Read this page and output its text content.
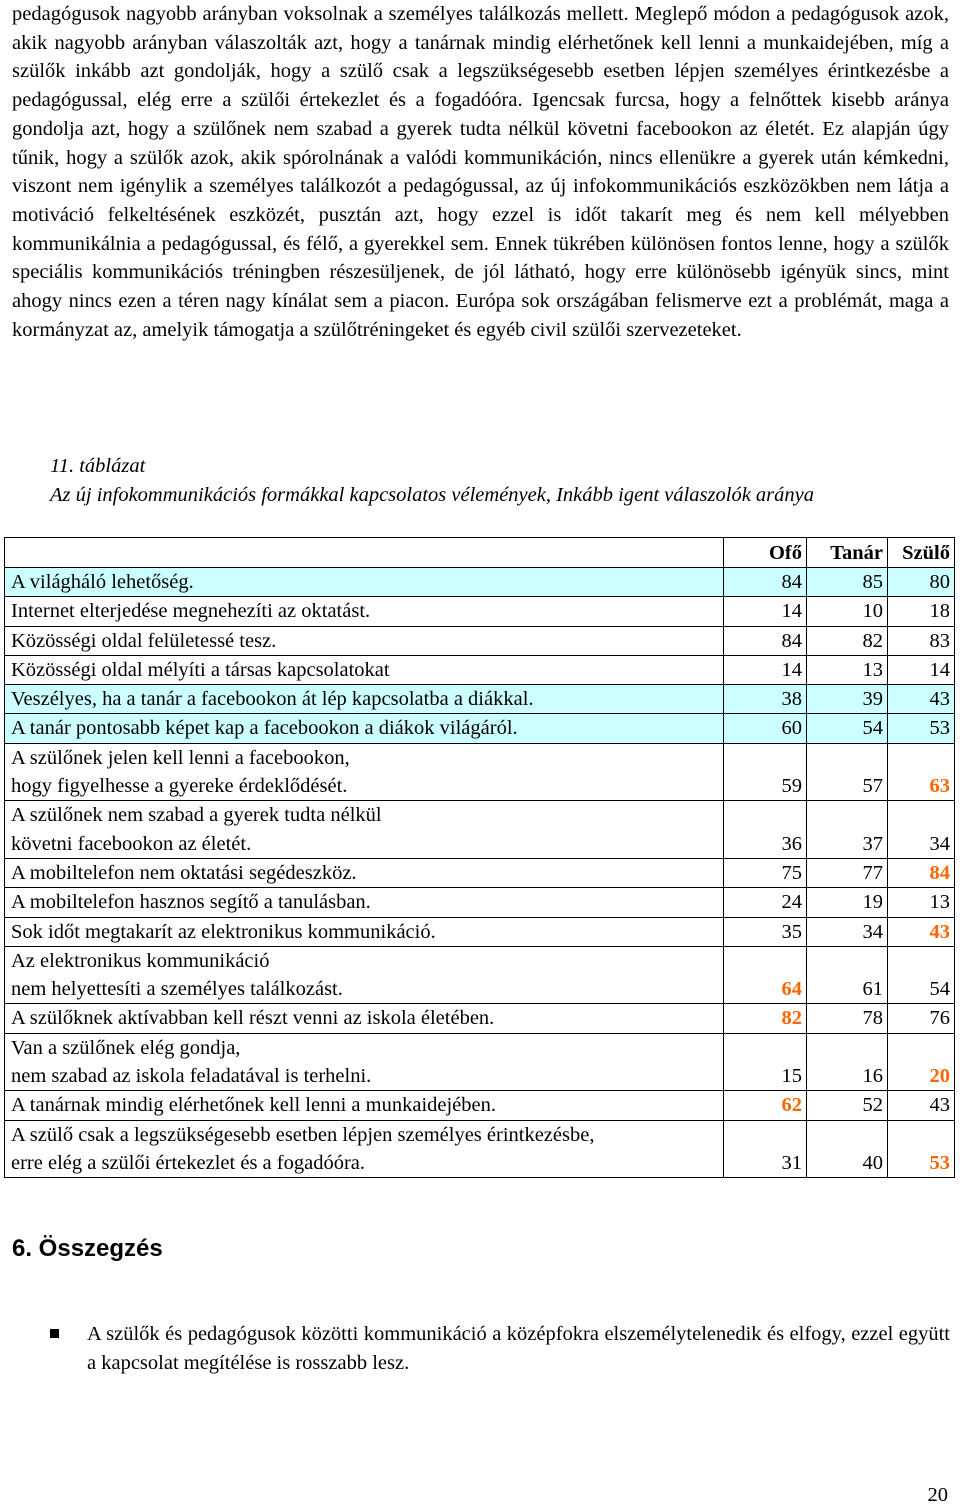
pedagógusok nagyobb arányban voksolnak a személyes találkozás mellett. Meglepő módon a pedagógusok azok, akik nagyobb arányban válaszolták azt, hogy a tanárnak mindig elérhetőnek kell lenni a munkaidejében, míg a szülők inkább azt gondolják, hogy a szülő csak a legszükségesebb esetben lépjen személyes érintkezésbe a pedagógussal, elég erre a szülői értekezlet és a fogadóóra. Igencsak furcsa, hogy a felnőttek kisebb aránya gondolja azt, hogy a szülőnek nem szabad a gyerek tudta nélkül követni facebookon az életét. Ez alapján úgy tűnik, hogy a szülők azok, akik spórolnának a valódi kommunikáción, nincs ellenükre a gyerek után kémkedni, viszont nem igénylik a személyes találkozót a pedagógussal, az új infokommunikációs eszközökben nem látja a motiváció felkeltésének eszközét, pusztán azt, hogy ezzel is időt takarít meg és nem kell mélyebben kommunikálnia a pedagógussal, és félő, a gyerekkel sem. Ennek tükrében különösen fontos lenne, hogy a szülők speciális kommunikációs tréningben részesüljenek, de jól látható, hogy erre különösebb igényük sincs, mint ahogy nincs ezen a téren nagy kínálat sem a piacon. Európa sok országában felismerve ezt a problémát, maga a kormányzat az, amelyik támogatja a szülőtréningeket és egyéb civil szülői szervezeteket.

11. táblázat
Az új infokommunikációs formákkal kapcsolatos vélemények, Inkább igent válaszolók aránya
	Ofő	Tanár	Szülő

A világháló lehetőség.	84	85	80

Internet elterjedése megnehezíti az oktatást.	14	10	18

Közösségi oldal felületessé tesz.	84	82	83

Közösségi oldal mélyíti a társas kapcsolatokat	14	13	14

Veszélyes, ha a tanár a facebookon át lép kapcsolatba a diákkal.	38	39	43

A tanár pontosabb képet kap a facebookon a diákok világáról.	60	54	53

A szülőnek jelen kell lenni a facebookon,
hogy figyelhesse a gyereke érdeklődését.	59	57	63

A szülőnek nem szabad a gyerek tudta nélkül
követni facebookon az életét.	36	37	34

A mobiltelefon nem oktatási segédeszköz.	75	77	84

A mobiltelefon hasznos segítő a tanulásban.	24	19	13

Sok időt megtakarít az elektronikus kommunikáció.	35	34	43

Az elektronikus kommunikáció
nem helyettesíti a személyes találkozást.	64	61	54

A szülőknek aktívabban kell részt venni az iskola életében.	82	78	76

Van a szülőnek elég gondja,
nem szabad az iskola feladatával is terhelni.	15	16	20

A tanárnak mindig elérhetőnek kell lenni a munkaidejében.	62	52	43

A szülő csak a legszükségesebb esetben lépjen személyes érintkezésbe,
erre elég a szülői értekezlet és a fogadóóra.	31	40	53
6. Összegzés
A szülők és pedagógusok közötti kommunikáció a középfokra elszemélytelenedik és elfogy, ezzel együtt a kapcsolat megítélése is rosszabb lesz.
20
